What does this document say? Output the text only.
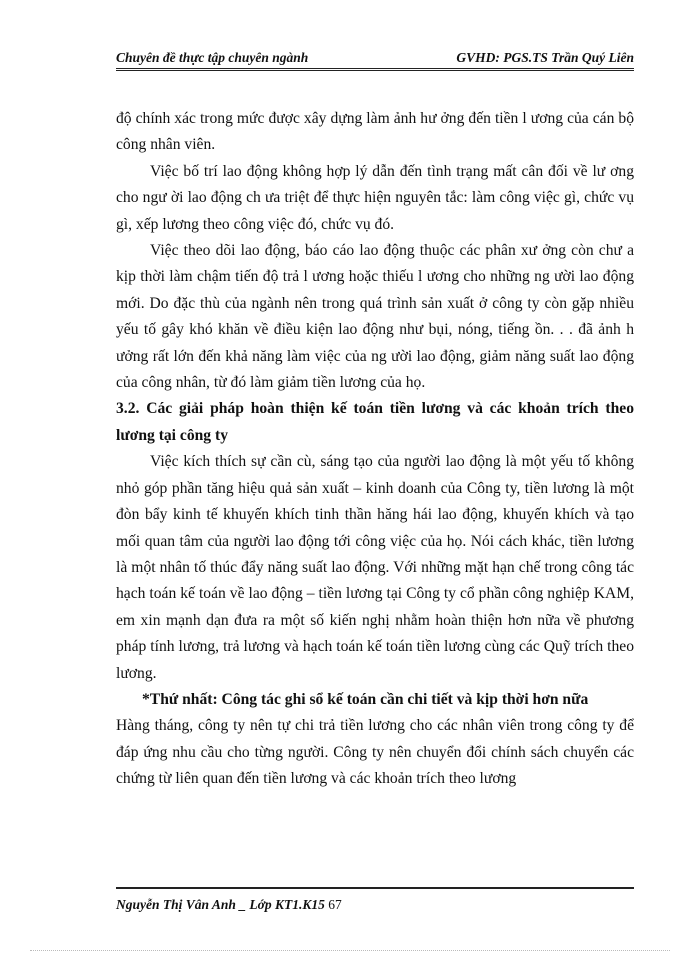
Chuyên đề thực tập chuyên ngành	GVHD: PGS.TS Trần Quý Liên

độ chính xác trong mức được xây dựng làm ảnh hư ởng đến tiền l ương của cán bộ công nhân viên.

Việc bố trí lao động không hợp lý dẫn đến tình trạng mất cân đối về lư ơng cho ngư ời lao động ch ưa triệt để thực hiện nguyên tắc: làm công việc gì, chức vụ gì, xếp lương theo công việc đó, chức vụ đó.

Việc theo dõi lao động, báo cáo lao động thuộc các phân xư ởng còn chư a kịp thời làm chậm tiến độ trả l ương hoặc thiếu l ương cho những ng ười lao động mới. Do đặc thù của ngành nên trong quá trình sản xuất ở công ty còn gặp nhiều yếu tố gây khó khăn về điều kiện lao động như bụi, nóng, tiếng ồn. . . đã ảnh h ưởng rất lớn đến khả năng làm việc của ng ười lao động, giảm năng suất lao động của công nhân, từ đó làm giảm tiền lương của họ.

3.2. Các giải pháp hoàn thiện kế toán tiền lương và các khoản trích theo lương tại công ty

Việc kích thích sự cần cù, sáng tạo của người lao động là một yếu tố không nhỏ góp phần tăng hiệu quả sản xuất – kinh doanh của Công ty, tiền lương là một đòn bẩy kinh tế khuyến khích tinh thần hăng hái lao động, khuyến khích và tạo mối quan tâm của người lao động tới công việc của họ. Nói cách khác, tiền lương là một nhân tố thúc đẩy năng suất lao động. Với những mặt hạn chế trong công tác hạch toán kế toán về lao động – tiền lương tại Công ty cổ phần công nghiệp KAM, em xin mạnh dạn đưa ra một số kiến nghị nhằm hoàn thiện hơn nữa về phương pháp tính lương, trả lương và hạch toán kế toán tiền lương cùng các Quỹ trích theo lương.

*Thứ nhất: Công tác ghi sổ kế toán cần chi tiết và kịp thời hơn nữa

Hàng tháng, công ty nên tự chi trả tiền lương cho các nhân viên trong công ty để đáp ứng nhu cầu cho từng người. Công ty nên chuyển đổi chính sách chuyển các chứng từ liên quan đến tiền lương và các khoản trích theo lương

Nguyễn Thị Vân Anh _ Lớp KT1.K15 67
